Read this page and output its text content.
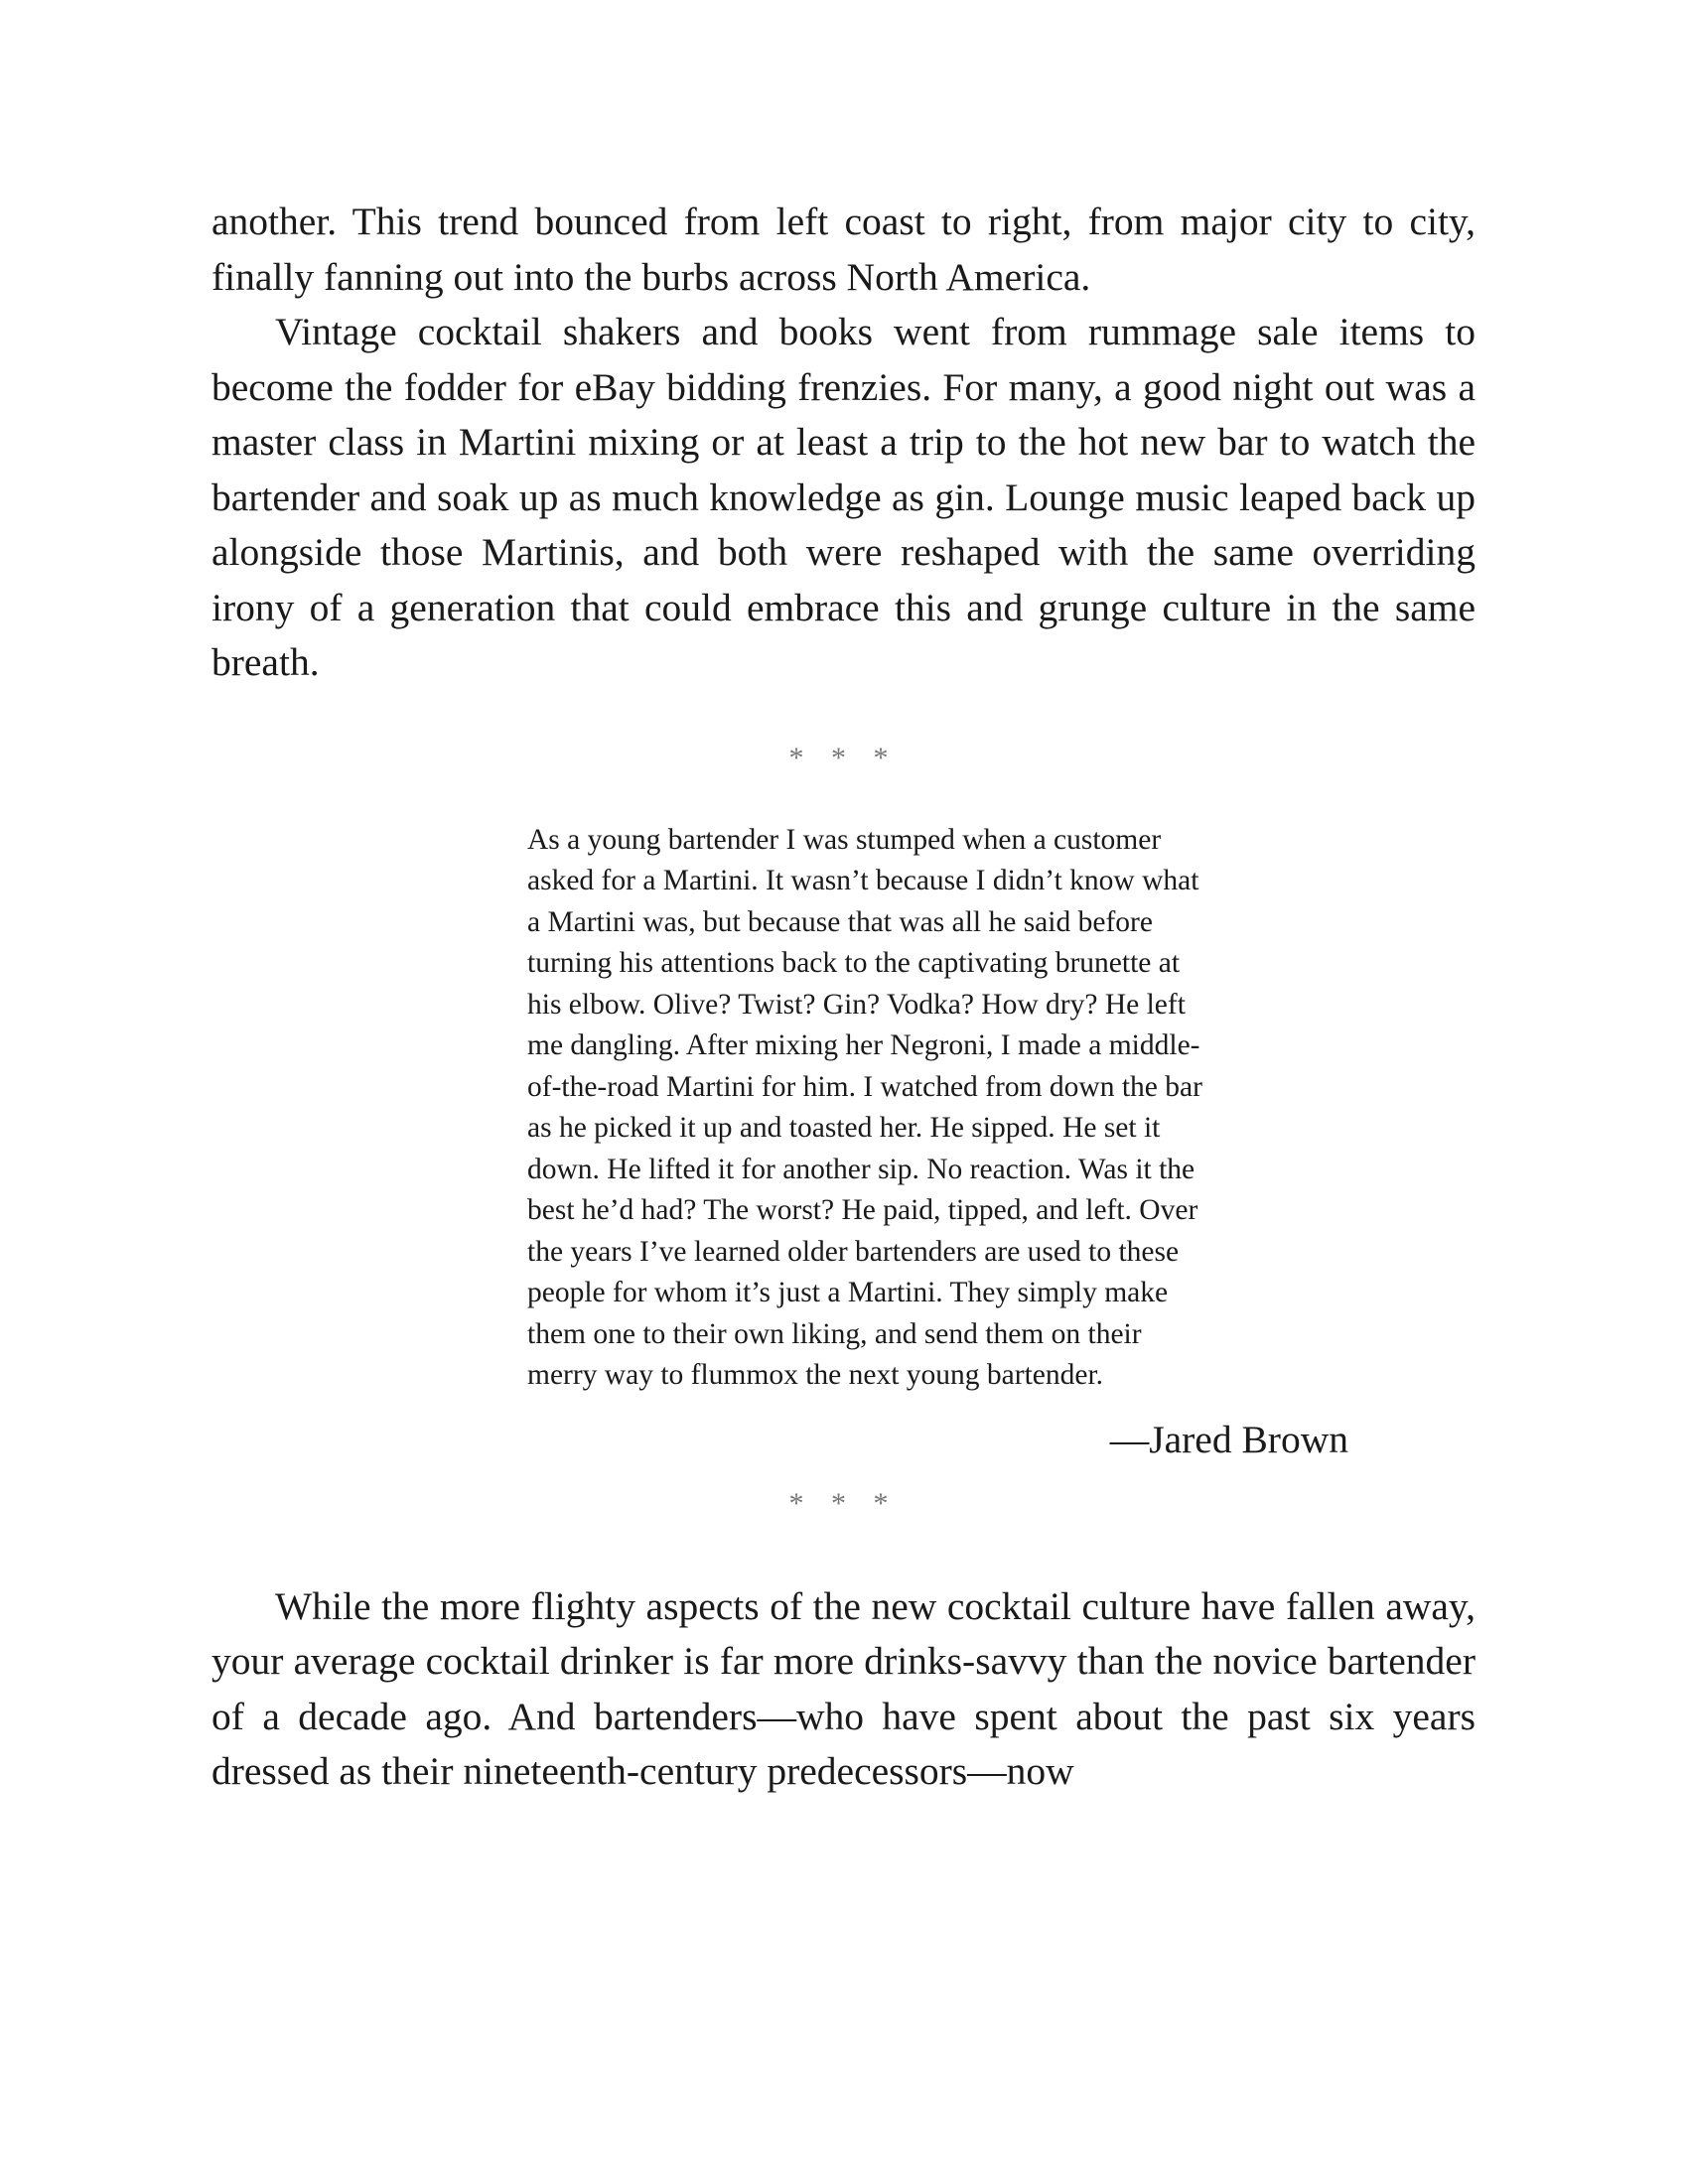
another. This trend bounced from left coast to right, from major city to city, finally fanning out into the burbs across North America.

Vintage cocktail shakers and books went from rummage sale items to become the fodder for eBay bidding frenzies. For many, a good night out was a master class in Martini mixing or at least a trip to the hot new bar to watch the bartender and soak up as much knowledge as gin. Lounge music leaped back up alongside those Martinis, and both were reshaped with the same overriding irony of a generation that could embrace this and grunge culture in the same breath.

* * *

As a young bartender I was stumped when a customer asked for a Martini. It wasn’t because I didn’t know what a Martini was, but because that was all he said before turning his attentions back to the captivating brunette at his elbow. Olive? Twist? Gin? Vodka? How dry? He left me dangling. After mixing her Negroni, I made a middle-of-the-road Martini for him. I watched from down the bar as he picked it up and toasted her. He sipped. He set it down. He lifted it for another sip. No reaction. Was it the best he’d had? The worst? He paid, tipped, and left. Over the years I’ve learned older bartenders are used to these people for whom it’s just a Martini. They simply make them one to their own liking, and send them on their merry way to flummox the next young bartender.

—Jared Brown

* * *

While the more flighty aspects of the new cocktail culture have fallen away, your average cocktail drinker is far more drinks-savvy than the novice bartender of a decade ago. And bartenders—who have spent about the past six years dressed as their nineteenth-century predecessors—now
